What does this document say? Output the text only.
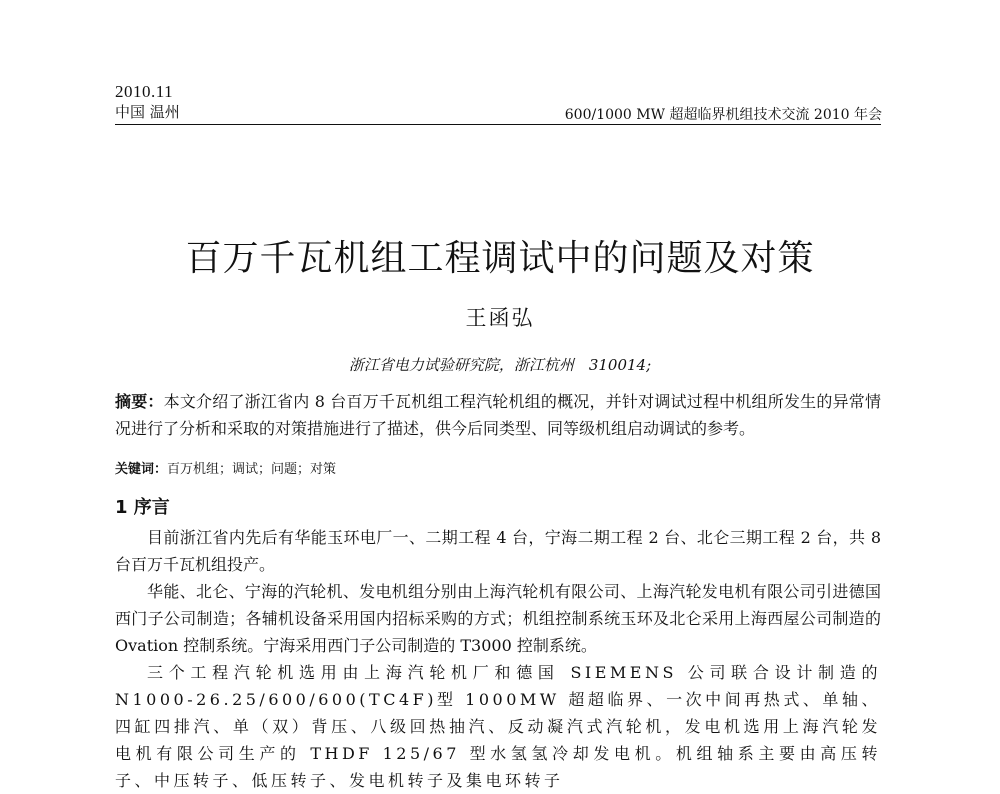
2010.11
中国 温州	600/1000 MW 超超临界机组技术交流 2010 年会
百万千瓦机组工程调试中的问题及对策
王函弘
浙江省电力试验研究院，浙江杭州　310014;
摘要：本文介绍了浙江省内 8 台百万千瓦机组工程汽轮机组的概况，并针对调试过程中机组所发生的异常情况进行了分析和采取的对策措施进行了描述，供今后同类型、同等级机组启动调试的参考。
关键词：百万机组；调试；问题；对策
1 序言

目前浙江省内先后有华能玉环电厂一、二期工程 4 台，宁海二期工程 2 台、北仑三期工程 2 台，共 8 台百万千瓦机组投产。

华能、北仑、宁海的汽轮机、发电机组分别由上海汽轮机有限公司、上海汽轮发电机有限公司引进德国西门子公司制造；各辅机设备采用国内招标采购的方式；机组控制系统玉环及北仑采用上海西屋公司制造的 Ovation 控制系统。宁海采用西门子公司制造的 T3000 控制系统。

三个工程汽轮机选用由上海汽轮机厂和德国 SIEMENS 公司联合设计制造的 N1000-26.25/600/600(TC4F)型 1000MW 超超临界、一次中间再热式、单轴、四缸四排汽、单（双）背压、八级回热抽汽、反动凝汽式汽轮机，发电机选用上海汽轮发电机有限公司生产的 THDF 125/67 型水氢氢冷却发电机。机组轴系主要由高压转子、中压转子、低压转子、发电机转子及集电环转子
